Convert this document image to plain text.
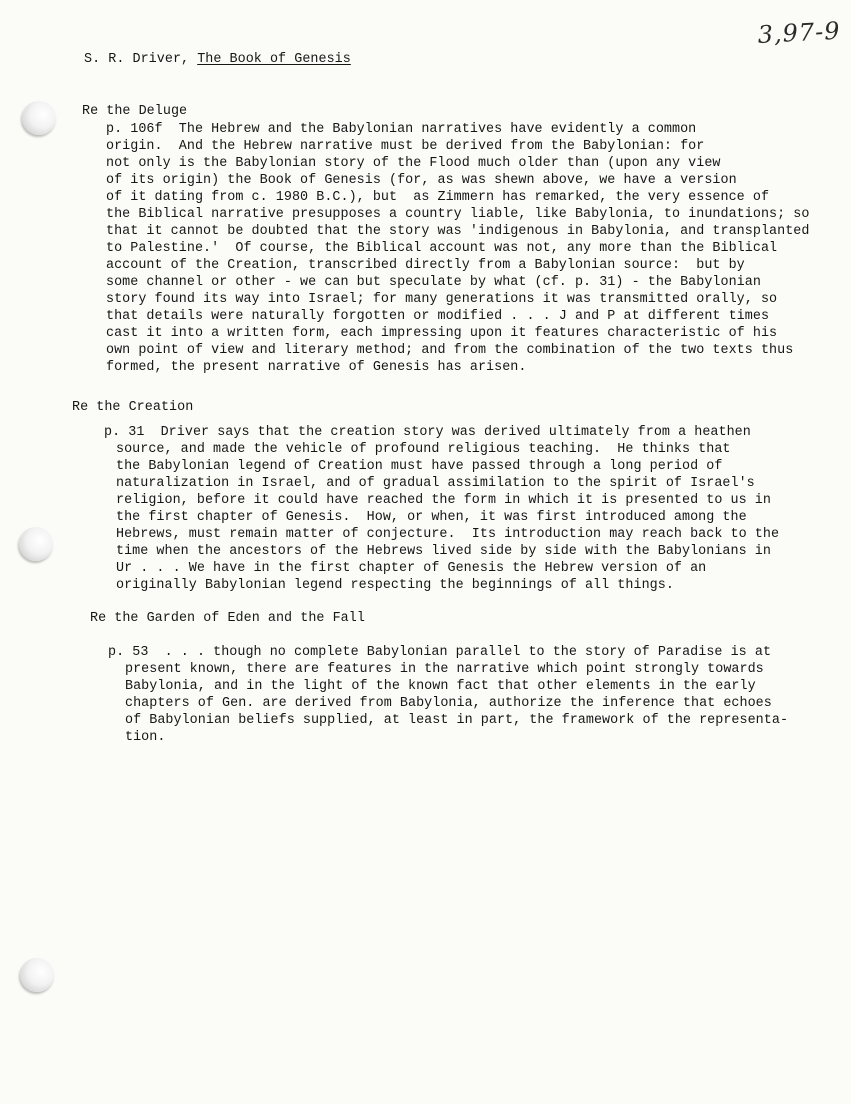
3,97-9

S. R. Driver, The Book of Genesis

Re the Deluge

p. 106f  The Hebrew and the Babylonian narratives have evidently a common

origin.  And the Hebrew narrative must be derived from the Babylonian: for

not only is the Babylonian story of the Flood much older than (upon any view

of its origin) the Book of Genesis (for, as was shewn above, we have a version

of it dating from c. 1980 B.C.), but  as Zimmern has remarked, the very essence of

the Biblical narrative presupposes a country liable, like Babylonia, to inundations; so

that it cannot be doubted that the story was 'indigenous in Babylonia, and transplanted

to Palestine.'  Of course, the Biblical account was not, any more than the Biblical

account of the Creation, transcribed directly from a Babylonian source:  but by

some channel or other - we can but speculate by what (cf. p. 31) - the Babylonian

story found its way into Israel; for many generations it was transmitted orally, so

that details were naturally forgotten or modified . . . J and P at different times

cast it into a written form, each impressing upon it features characteristic of his

own point of view and literary method; and from the combination of the two texts thus

formed, the present narrative of Genesis has arisen.

Re the Creation

p. 31  Driver says that the creation story was derived ultimately from a heathen

source, and made the vehicle of profound religious teaching.  He thinks that

the Babylonian legend of Creation must have passed through a long period of

naturalization in Israel, and of gradual assimilation to the spirit of Israel's

religion, before it could have reached the form in which it is presented to us in

the first chapter of Genesis.  How, or when, it was first introduced among the

Hebrews, must remain matter of conjecture.  Its introduction may reach back to the

time when the ancestors of the Hebrews lived side by side with the Babylonians in

Ur . . . We have in the first chapter of Genesis the Hebrew version of an

originally Babylonian legend respecting the beginnings of all things.

Re the Garden of Eden and the Fall

p. 53  . . . though no complete Babylonian parallel to the story of Paradise is at

present known, there are features in the narrative which point strongly towards

Babylonia, and in the light of the known fact that other elements in the early

chapters of Gen. are derived from Babylonia, authorize the inference that echoes

of Babylonian beliefs supplied, at least in part, the framework of the representa-

tion.
